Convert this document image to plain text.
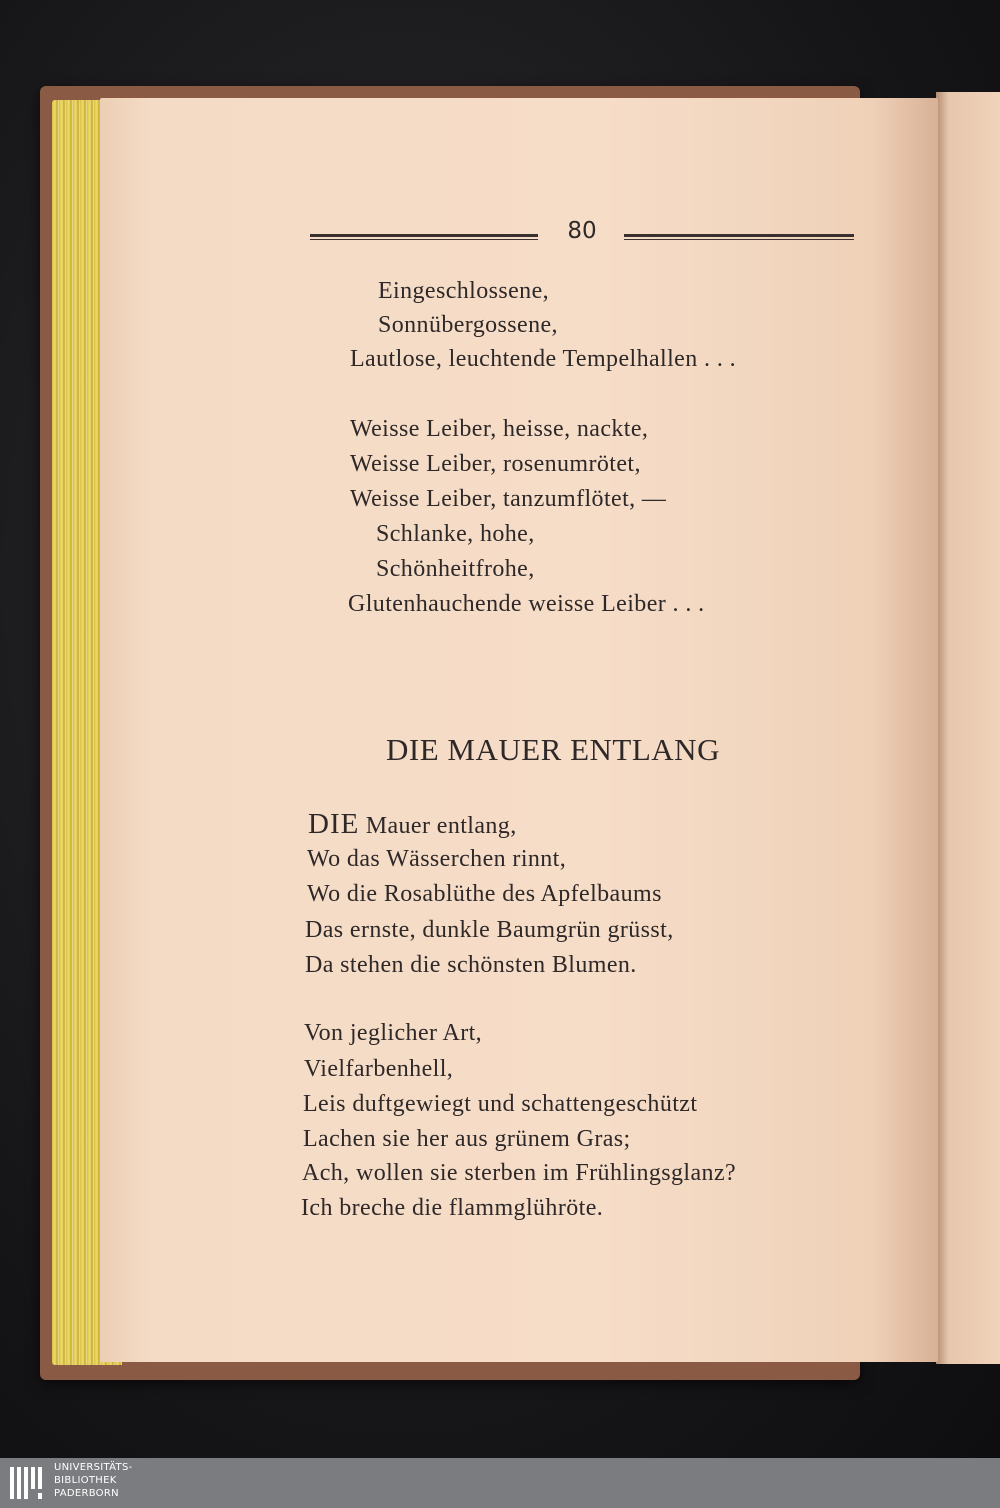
80
Eingeschlossene,
Sonnübergossene,
Lautlose, leuchtende Tempelhallen . . .
Weisse Leiber, heisse, nackte,
Weisse Leiber, rosenumrötet,
Weisse Leiber, tanzumflötet, —
Schlanke, hohe,
Schönheitfrohe,
Glutenhauchende weisse Leiber . . .
DIE MAUER ENTLANG
DIE Mauer entlang,
Wo das Wässerchen rinnt,
Wo die Rosablüthe des Apfelbaums
Das ernste, dunkle Baumgrün grüsst,
Da stehen die schönsten Blumen.
Von jeglicher Art,
Vielfarbenhell,
Leis duftgewiegt und schattengeschützt
Lachen sie her aus grünem Gras;
Ach, wollen sie sterben im Frühlingsglanz?
Ich breche die flammglühröte.
UNIVERSITÄTS-
BIBLIOTHEK
PADERBORN
